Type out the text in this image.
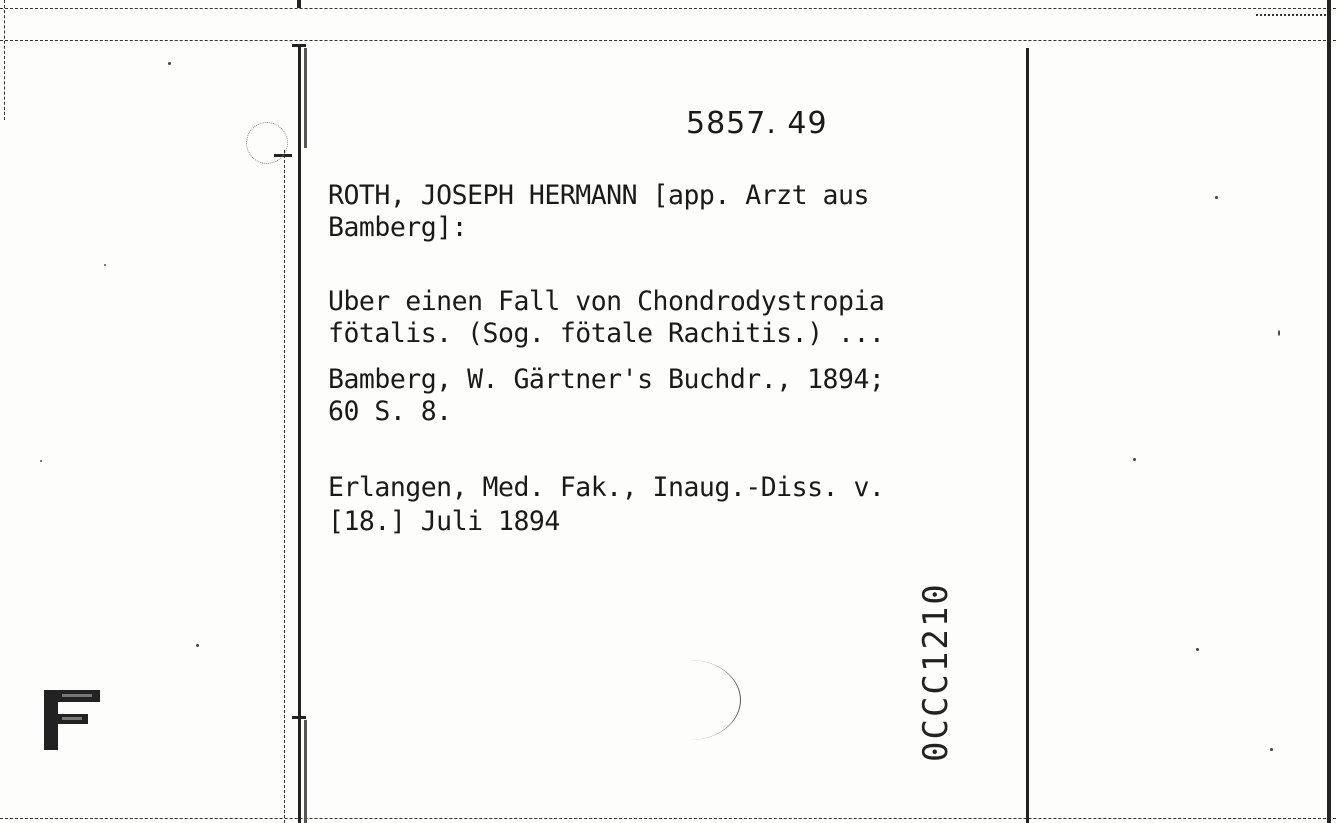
5857. 49
ROTH, JOSEPH HERMANN [app. Arzt aus
Bamberg]:
Uber einen Fall von Chondrodystropia
fötalis. (Sog. fötale Rachitis.) ...
Bamberg, W. Gärtner's Buchdr., 1894;
60 S. 8.
Erlangen, Med. Fak., Inaug.-Diss. v.
[18.] Juli 1894
0CCC1210
